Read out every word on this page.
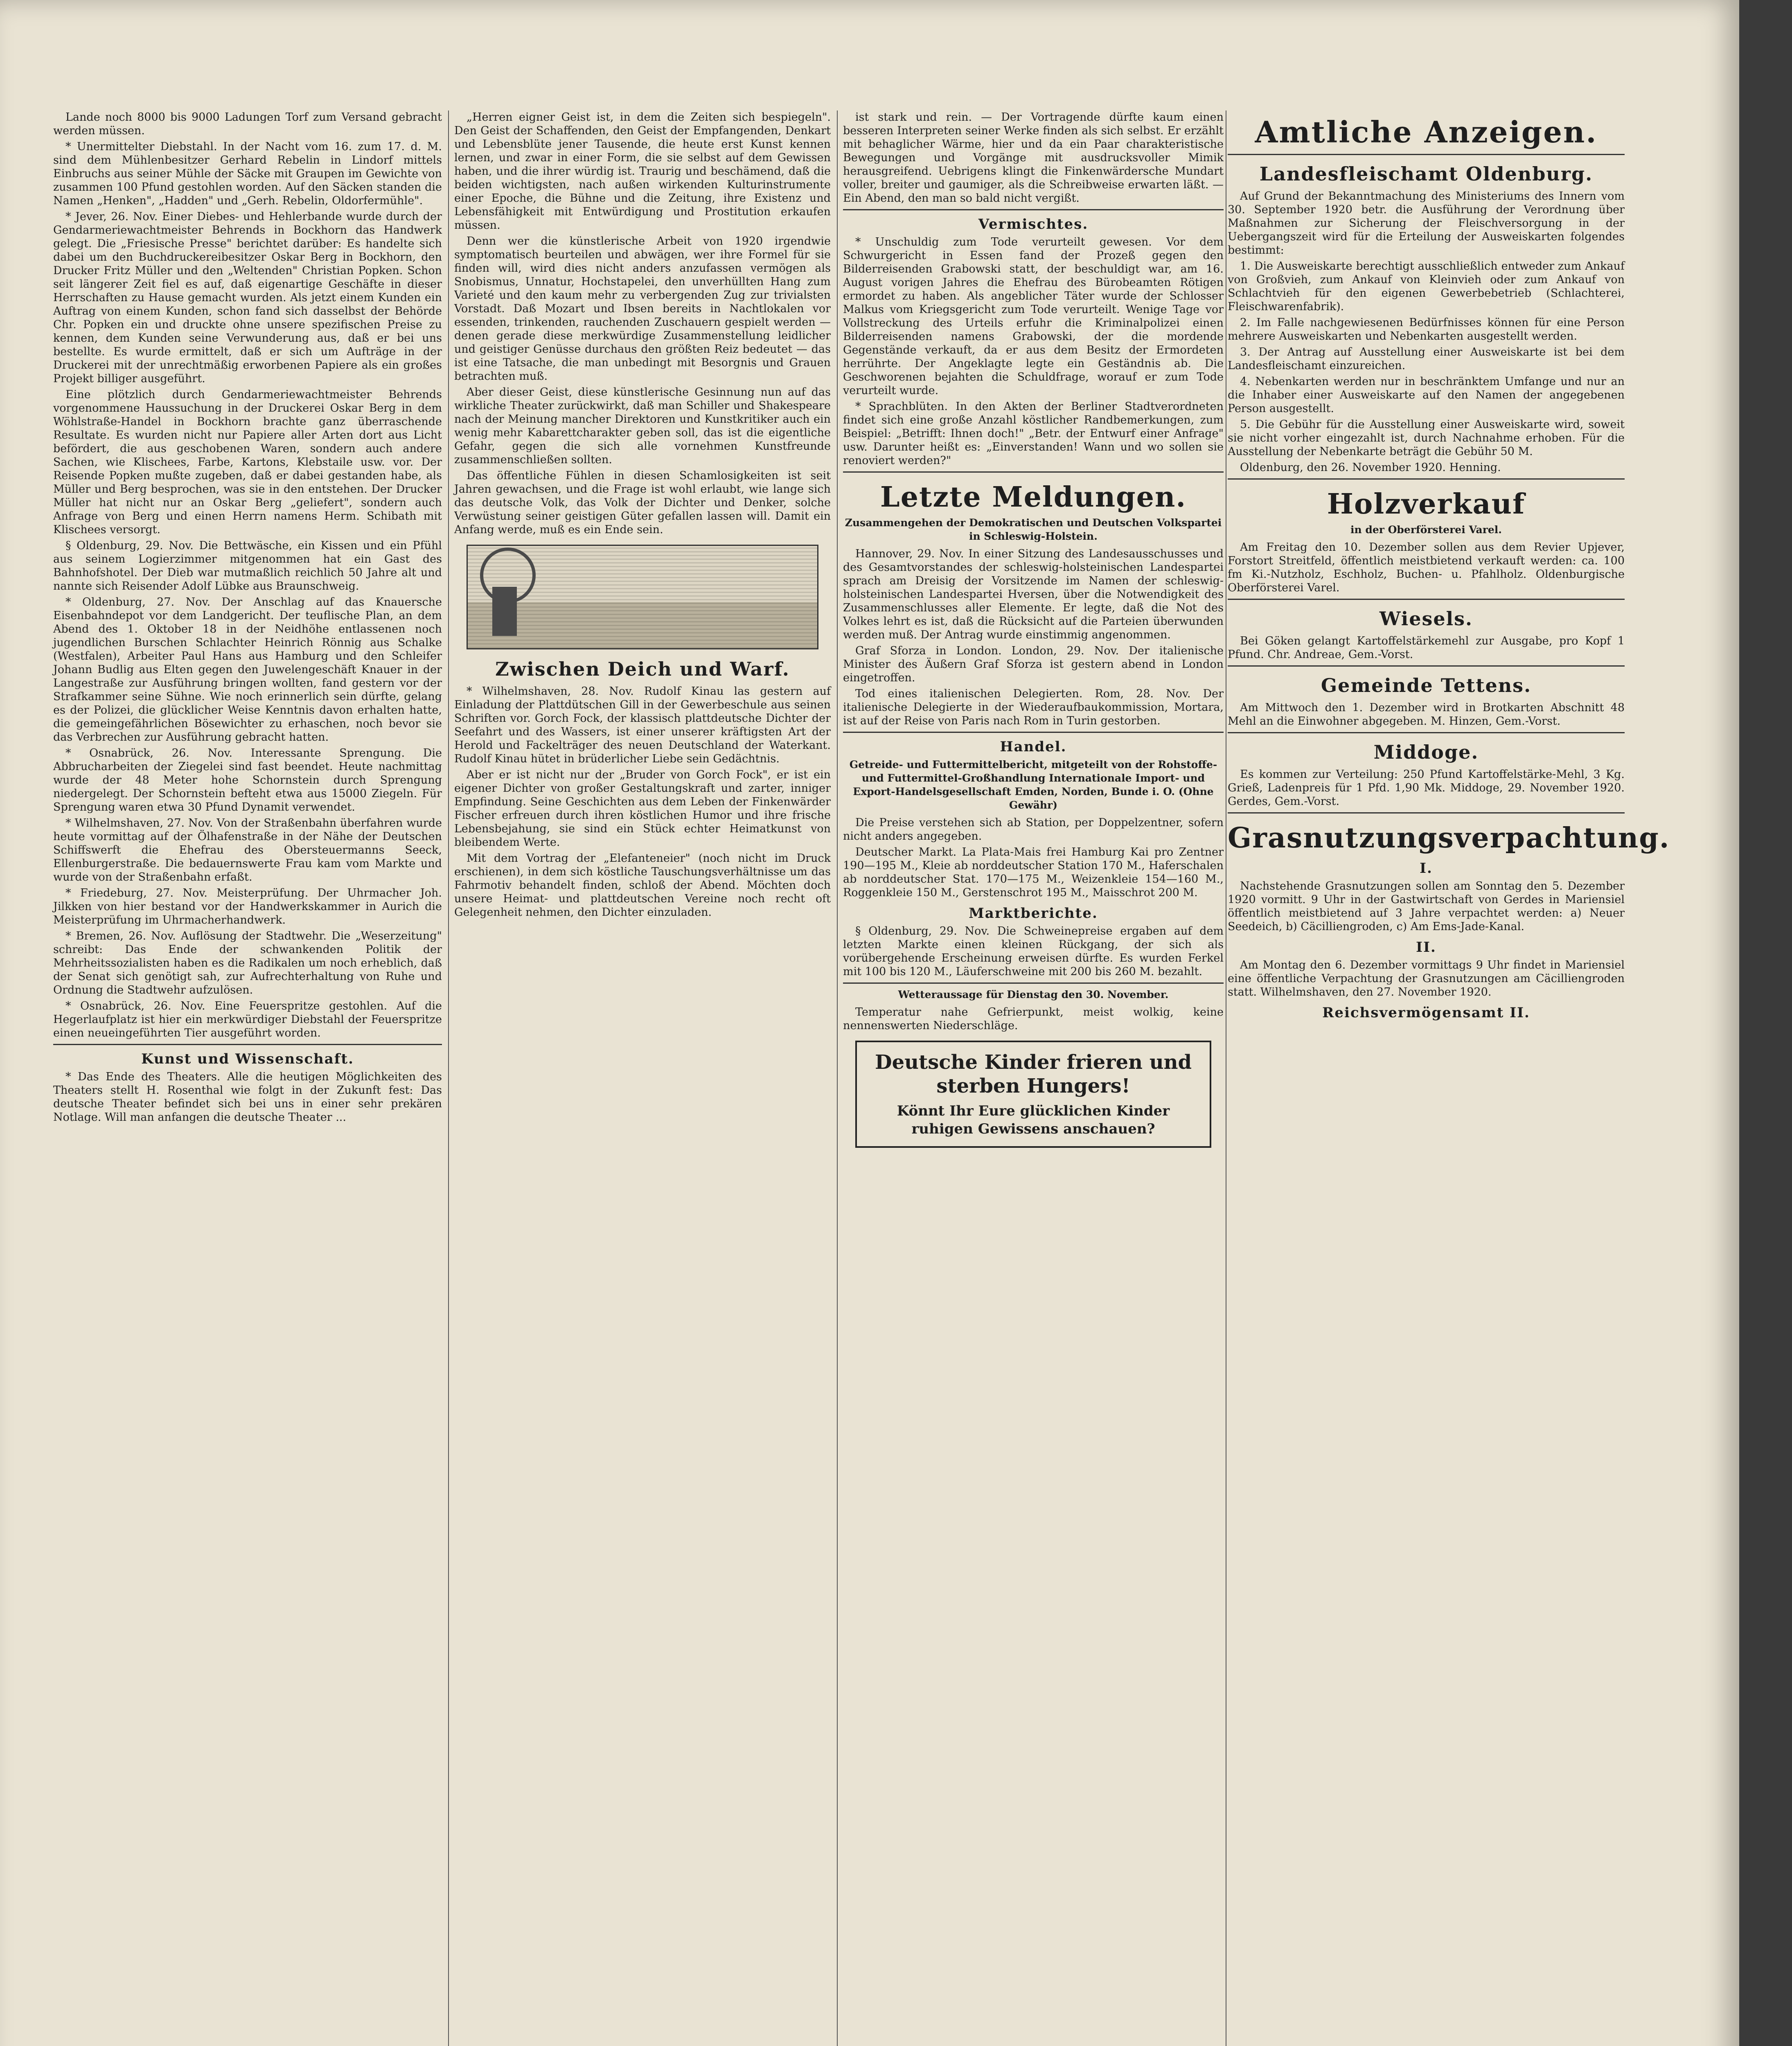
Lande noch 8000 bis 9000 Ladungen Torf zum Versand gebracht werden müssen.

* Unermittelter Diebstahl. In der Nacht vom 16. zum 17. d. M. sind dem Mühlenbesitzer Gerhard Rebelin in Lindorf mittels Einbruchs aus seiner Mühle der Säcke mit Graupen im Gewichte von zusammen 100 Pfund gestohlen worden. Auf den Säcken standen die Namen „Henken", „Hadden" und „Gerh. Rebelin, Oldorfermühle".

* Jever, 26. Nov. Einer Diebes- und Hehlerbande wurde durch der Gendarmeriewachtmeister Behrends in Bockhorn das Handwerk gelegt. Die „Friesische Presse" berichtet darüber: Es handelte sich dabei um den Buchdruckereibesitzer Oskar Berg in Bockhorn, den Drucker Fritz Müller und den „Weltenden" Christian Popken. Schon seit längerer Zeit fiel es auf, daß eigenartige Geschäfte in dieser Herrschaften zu Hause gemacht wurden. Als jetzt einem Kunden ein Auftrag von einem Kunden, schon fand sich dasselbst der Behörde Chr. Popken ein und druckte ohne unsere spezifischen Preise zu kennen, dem Kunden seine Verwunderung aus, daß er bei uns bestellte. Es wurde ermittelt, daß er sich um Aufträge in der Druckerei mit der unrechtmäßig erworbenen Papiere als ein großes Projekt billiger ausgeführt.

Eine plötzlich durch Gendarmeriewachtmeister Behrends vorgenommene Haussuchung in der Druckerei Oskar Berg in dem Wöhlstraße-Handel in Bockhorn brachte ganz überraschende Resultate. Es wurden nicht nur Papiere aller Arten dort aus Licht befördert, die aus geschobenen Waren, sondern auch andere Sachen, wie Klischees, Farbe, Kartons, Klebstaile usw. vor. Der Reisende Popken mußte zugeben, daß er dabei gestanden habe, als Müller und Berg besprochen, was sie in den entstehen. Der Drucker Müller hat nicht nur an Oskar Berg „geliefert", sondern auch Anfrage von Berg und einen Herrn namens Herm. Schibath mit Klischees versorgt.

§ Oldenburg, 29. Nov. Die Bettwäsche, ein Kissen und ein Pfühl aus seinem Logierzimmer mitgenommen hat ein Gast des Bahnhofshotel. Der Dieb war mutmaßlich reichlich 50 Jahre alt und nannte sich Reisender Adolf Lübke aus Braunschweig.

* Oldenburg, 27. Nov. Der Anschlag auf das Knauersche Eisenbahndepot vor dem Landgericht. Der teuflische Plan, an dem Abend des 1. Oktober 18 in der Neidhöhe entlassenen noch jugendlichen Burschen Schlachter Heinrich Rönnig aus Schalke (Westfalen), Arbeiter Paul Hans aus Hamburg und den Schleifer Johann Budlig aus Elten gegen den Juwelengeschäft Knauer in der Langestraße zur Ausführung bringen wollten, fand gestern vor der Strafkammer seine Sühne. Wie noch erinnerlich sein dürfte, gelang es der Polizei, die glücklicher Weise Kenntnis davon erhalten hatte, die gemeingefährlichen Bösewichter zu erhaschen, noch bevor sie das Verbrechen zur Ausführung gebracht hatten.

* Osnabrück, 26. Nov. Interessante Sprengung. Die Abbrucharbeiten der Ziegelei sind fast beendet. Heute nachmittag wurde der 48 Meter hohe Schornstein durch Sprengung niedergelegt. Der Schornstein befteht etwa aus 15000 Ziegeln. Für Sprengung waren etwa 30 Pfund Dynamit verwendet.

* Wilhelmshaven, 27. Nov. Von der Straßenbahn überfahren wurde heute vormittag auf der Ölhafenstraße in der Nähe der Deutschen Schiffswerft die Ehefrau des Obersteuermanns Seeck, Ellenburgerstraße. Die bedauernswerte Frau kam vom Markte und wurde von der Straßenbahn erfaßt.

* Friedeburg, 27. Nov. Meisterprüfung. Der Uhrmacher Joh. Jilkken von hier bestand vor der Handwerkskammer in Aurich die Meisterprüfung im Uhrmacherhandwerk.

* Bremen, 26. Nov. Auflösung der Stadtwehr. Die „Weserzeitung" schreibt: Das Ende der schwankenden Politik der Mehrheitssozialisten haben es die Radikalen um noch erheblich, daß der Senat sich genötigt sah, zur Aufrechterhaltung von Ruhe und Ordnung die Stadtwehr aufzulösen.

* Osnabrück, 26. Nov. Eine Feuerspritze gestohlen. Auf die Hegerlaufplatz ist hier ein merkwürdiger Diebstahl der Feuerspritze einen neueingeführten Tier ausgeführt worden.

Kunst und Wissenschaft.

* Das Ende des Theaters. Alle die heutigen Möglichkeiten des Theaters stellt H. Rosenthal wie folgt in der Zukunft fest: Das deutsche Theater befindet sich bei uns in einer sehr prekären Notlage. Will man anfangen die deutsche Theater ...

„Herren eigner Geist ist, in dem die Zeiten sich bespiegeln". Den Geist der Schaffenden, den Geist der Empfangenden, Denkart und Lebensblüte jener Tausende, die heute erst Kunst kennen lernen, und zwar in einer Form, die sie selbst auf dem Gewissen haben, und die ihrer würdig ist. Traurig und beschämend, daß die beiden wichtigsten, nach außen wirkenden Kulturinstrumente einer Epoche, die Bühne und die Zeitung, ihre Existenz und Lebensfähigkeit mit Entwürdigung und Prostitution erkaufen müssen.

Denn wer die künstlerische Arbeit von 1920 irgendwie symptomatisch beurteilen und abwägen, wer ihre Formel für sie finden will, wird dies nicht anders anzufassen vermögen als Snobismus, Unnatur, Hochstapelei, den unverhüllten Hang zum Varieté und den kaum mehr zu verbergenden Zug zur trivialsten Vorstadt. Daß Mozart und Ibsen bereits in Nachtlokalen vor essenden, trinkenden, rauchenden Zuschauern gespielt werden — denen gerade diese merkwürdige Zusammenstellung leidlicher und geistiger Genüsse durchaus den größten Reiz bedeutet — das ist eine Tatsache, die man unbedingt mit Besorgnis und Grauen betrachten muß.

Aber dieser Geist, diese künstlerische Gesinnung nun auf das wirkliche Theater zurückwirkt, daß man Schiller und Shakespeare nach der Meinung mancher Direktoren und Kunstkritiker auch ein wenig mehr Kabarettcharakter geben soll, das ist die eigentliche Gefahr, gegen die sich alle vornehmen Kunstfreunde zusammenschließen sollten.

Das öffentliche Fühlen in diesen Schamlosigkeiten ist seit Jahren gewachsen, und die Frage ist wohl erlaubt, wie lange sich das deutsche Volk, das Volk der Dichter und Denker, solche Verwüstung seiner geistigen Güter gefallen lassen will. Damit ein Anfang werde, muß es ein Ende sein.

Zwischen Deich und Warf.

* Wilhelmshaven, 28. Nov. Rudolf Kinau las gestern auf Einladung der Plattdütschen Gill in der Gewerbeschule aus seinen Schriften vor. Gorch Fock, der klassisch plattdeutsche Dichter der Seefahrt und des Wassers, ist einer unserer kräftigsten Art der Herold und Fackelträger des neuen Deutschland der Waterkant. Rudolf Kinau hütet in brüderlicher Liebe sein Gedächtnis.

Aber er ist nicht nur der „Bruder von Gorch Fock", er ist ein eigener Dichter von großer Gestaltungskraft und zarter, inniger Empfindung. Seine Geschichten aus dem Leben der Finkenwärder Fischer erfreuen durch ihren köstlichen Humor und ihre frische Lebensbejahung, sie sind ein Stück echter Heimatkunst von bleibendem Werte.

Mit dem Vortrag der „Elefanteneier" (noch nicht im Druck erschienen), in dem sich köstliche Tauschungsverhältnisse um das Fahrmotiv behandelt finden, schloß der Abend. Möchten doch unsere Heimat- und plattdeutschen Vereine noch recht oft Gelegenheit nehmen, den Dichter einzuladen.

ist stark und rein. — Der Vortragende dürfte kaum einen besseren Interpreten seiner Werke finden als sich selbst. Er erzählt mit behaglicher Wärme, hier und da ein Paar charakteristische Bewegungen und Vorgänge mit ausdrucksvoller Mimik herausgreifend. Uebrigens klingt die Finkenwärdersche Mundart voller, breiter und gaumiger, als die Schreibweise erwarten läßt. — Ein Abend, den man so bald nicht vergißt.

Vermischtes.

* Unschuldig zum Tode verurteilt gewesen. Vor dem Schwurgericht in Essen fand der Prozeß gegen den Bilderreisenden Grabowski statt, der beschuldigt war, am 16. August vorigen Jahres die Ehefrau des Bürobeamten Rötigen ermordet zu haben. Als angeblicher Täter wurde der Schlosser Malkus vom Kriegsgericht zum Tode verurteilt. Wenige Tage vor Vollstreckung des Urteils erfuhr die Kriminalpolizei einen Bilderreisenden namens Grabowski, der die mordende Gegenstände verkauft, da er aus dem Besitz der Ermordeten herrührte. Der Angeklagte legte ein Geständnis ab. Die Geschworenen bejahten die Schuldfrage, worauf er zum Tode verurteilt wurde.

* Sprachblüten. In den Akten der Berliner Stadtverordneten findet sich eine große Anzahl köstlicher Randbemerkungen, zum Beispiel: „Betrifft: Ihnen doch!" „Betr. der Entwurf einer Anfrage" usw. Darunter heißt es: „Einverstanden! Wann und wo sollen sie renoviert werden?"

Letzte Meldungen.
Zusammengehen der Demokratischen und Deutschen Volkspartei in Schleswig-Holstein.

Hannover, 29. Nov. In einer Sitzung des Landesausschusses und des Gesamtvorstandes der schleswig-holsteinischen Landespartei sprach am Dreisig der Vorsitzende im Namen der schleswig-holsteinischen Landespartei Hversen, über die Notwendigkeit des Zusammenschlusses aller Elemente. Er legte, daß die Not des Volkes lehrt es ist, daß die Rücksicht auf die Parteien überwunden werden muß. Der Antrag wurde einstimmig angenommen.

Graf Sforza in London. London, 29. Nov. Der italienische Minister des Äußern Graf Sforza ist gestern abend in London eingetroffen.

Tod eines italienischen Delegierten. Rom, 28. Nov. Der italienische Delegierte in der Wiederaufbaukommission, Mortara, ist auf der Reise von Paris nach Rom in Turin gestorben.

Handel.
Getreide- und Futtermittelbericht, mitgeteilt von der Rohstoffe- und Futtermittel-Großhandlung Internationale Import- und Export-Handelsgesellschaft Emden, Norden, Bunde i. O. (Ohne Gewähr)

Die Preise verstehen sich ab Station, per Doppelzentner, sofern nicht anders angegeben.

Deutscher Markt. La Plata-Mais frei Hamburg Kai pro Zentner 190—195 M., Kleie ab norddeutscher Station 170 M., Haferschalen ab norddeutscher Stat. 170—175 M., Weizenkleie 154—160 M., Roggenkleie 150 M., Gerstenschrot 195 M., Maisschrot 200 M.

Marktberichte.

§ Oldenburg, 29. Nov. Die Schweinepreise ergaben auf dem letzten Markte einen kleinen Rückgang, der sich als vorübergehende Erscheinung erweisen dürfte. Es wurden Ferkel mit 100 bis 120 M., Läuferschweine mit 200 bis 260 M. bezahlt.

Wetteraussage für Dienstag den 30. November.

Temperatur nahe Gefrierpunkt, meist wolkig, keine nennenswerten Niederschläge.

Deutsche Kinder frieren und sterben Hungers!
Könnt Ihr Eure glücklichen Kinder ruhigen Gewissens anschauen?
Amtliche Anzeigen.
Landesfleischamt Oldenburg.

Auf Grund der Bekanntmachung des Ministeriums des Innern vom 30. September 1920 betr. die Ausführung der Verordnung über Maßnahmen zur Sicherung der Fleischversorgung in der Uebergangszeit wird für die Erteilung der Ausweiskarten folgendes bestimmt:

1. Die Ausweiskarte berechtigt ausschließlich entweder zum Ankauf von Großvieh, zum Ankauf von Kleinvieh oder zum Ankauf von Schlachtvieh für den eigenen Gewerbebetrieb (Schlachterei, Fleischwarenfabrik).

2. Im Falle nachgewiesenen Bedürfnisses können für eine Person mehrere Ausweiskarten und Nebenkarten ausgestellt werden.

3. Der Antrag auf Ausstellung einer Ausweiskarte ist bei dem Landesfleischamt einzureichen.

4. Nebenkarten werden nur in beschränktem Umfange und nur an die Inhaber einer Ausweiskarte auf den Namen der angegebenen Person ausgestellt.

5. Die Gebühr für die Ausstellung einer Ausweiskarte wird, soweit sie nicht vorher eingezahlt ist, durch Nachnahme erhoben. Für die Ausstellung der Nebenkarte beträgt die Gebühr 50 M.

Oldenburg, den 26. November 1920. Henning.

Holzverkauf
in der Oberförsterei Varel.

Am Freitag den 10. Dezember sollen aus dem Revier Upjever, Forstort Streitfeld, öffentlich meistbietend verkauft werden: ca. 100 fm Ki.-Nutzholz, Eschholz, Buchen- u. Pfahlholz. Oldenburgische Oberförsterei Varel.

Wiesels.

Bei Göken gelangt Kartoffelstärkemehl zur Ausgabe, pro Kopf 1 Pfund. Chr. Andreae, Gem.-Vorst.

Gemeinde Tettens.

Am Mittwoch den 1. Dezember wird in Brotkarten Abschnitt 48 Mehl an die Einwohner abgegeben. M. Hinzen, Gem.-Vorst.

Middoge.

Es kommen zur Verteilung: 250 Pfund Kartoffelstärke-Mehl, 3 Kg. Grieß, Ladenpreis für 1 Pfd. 1,90 Mk. Middoge, 29. November 1920. Gerdes, Gem.-Vorst.

Grasnutzungsverpachtung.
I.

Nachstehende Grasnutzungen sollen am Sonntag den 5. Dezember 1920 vormitt. 9 Uhr in der Gastwirtschaft von Gerdes in Mariensiel öffentlich meistbietend auf 3 Jahre verpachtet werden: a) Neuer Seedeich, b) Cäcilliengroden, c) Am Ems-Jade-Kanal.

II.

Am Montag den 6. Dezember vormittags 9 Uhr findet in Mariensiel eine öffentliche Verpachtung der Grasnutzungen am Cäcilliengroden statt. Wilhelmshaven, den 27. November 1920.

Reichsvermögensamt II.
